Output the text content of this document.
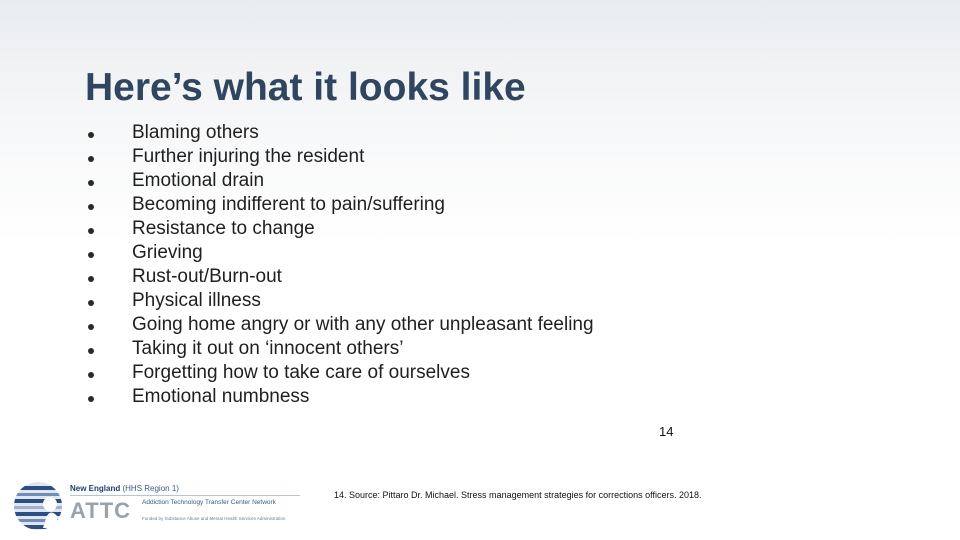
Here’s what it looks like
Blaming others
Further injuring the resident
Emotional drain
Becoming indifferent to pain/suffering
Resistance to change
Grieving
Rust-out/Burn-out
Physical illness
Going home angry or with any other unpleasant feeling
Taking it out on ‘innocent others’
Forgetting how to take care of ourselves
Emotional numbness
14
New England (HHS Region 1)
ATTC Addiction Technology Transfer Center Network
Funded by Substance Abuse and Mental Health Services Administration
14. Source: Pittaro Dr. Michael. Stress management strategies for corrections officers. 2018.
